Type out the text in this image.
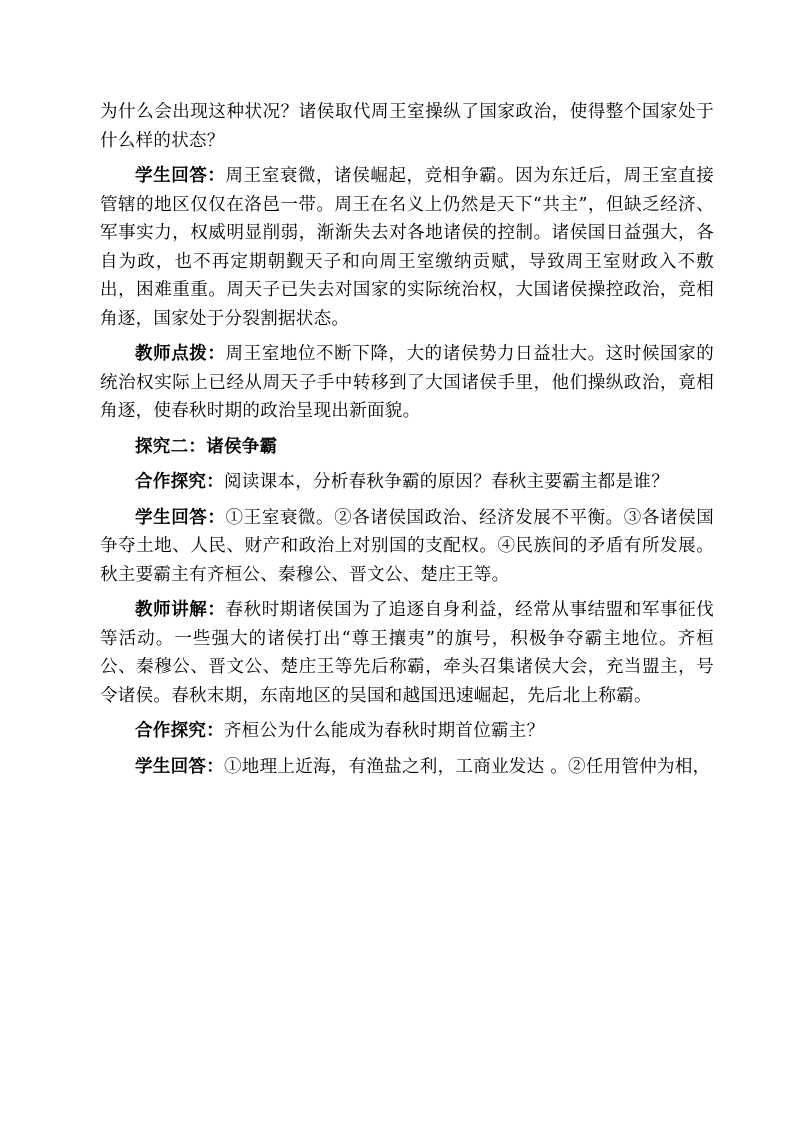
为什么会出现这种状况？诸侯取代周王室操纵了国家政治，使得整个国家处于什么样的状态？

学生回答：周王室衰微，诸侯崛起，竞相争霸。因为东迁后，周王室直接管辖的地区仅仅在洛邑一带。周王在名义上仍然是天下“共主”，但缺乏经济、军事实力，权威明显削弱，渐渐失去对各地诸侯的控制。诸侯国日益强大，各自为政，也不再定期朝觐天子和向周王室缴纳贡赋，导致周王室财政入不敷出，困难重重。周天子已失去对国家的实际统治权，大国诸侯操控政治，竞相角逐，国家处于分裂割据状态。

教师点拨：周王室地位不断下降，大的诸侯势力日益壮大。这时候国家的统治权实际上已经从周天子手中转移到了大国诸侯手里，他们操纵政治，竟相角逐，使春秋时期的政治呈现出新面貌。

探究二：诸侯争霸

合作探究：阅读课本，分析春秋争霸的原因？春秋主要霸主都是谁？

学生回答：①王室衰微。②各诸侯国政治、经济发展不平衡。③各诸侯国争夺土地、人民、财产和政治上对别国的支配权。④民族间的矛盾有所发展。秋主要霸主有齐桓公、秦穆公、晋文公、楚庄王等。

教师讲解：春秋时期诸侯国为了追逐自身利益，经常从事结盟和军事征伐等活动。一些强大的诸侯打出“尊王攘夷”的旗号，积极争夺霸主地位。齐桓公、秦穆公、晋文公、楚庄王等先后称霸，牵头召集诸侯大会，充当盟主，号令诸侯。春秋末期，东南地区的吴国和越国迅速崛起，先后北上称霸。

合作探究：齐桓公为什么能成为春秋时期首位霸主？

学生回答：①地理上近海，有渔盐之利，工商业发达 。②任用管仲为相，
